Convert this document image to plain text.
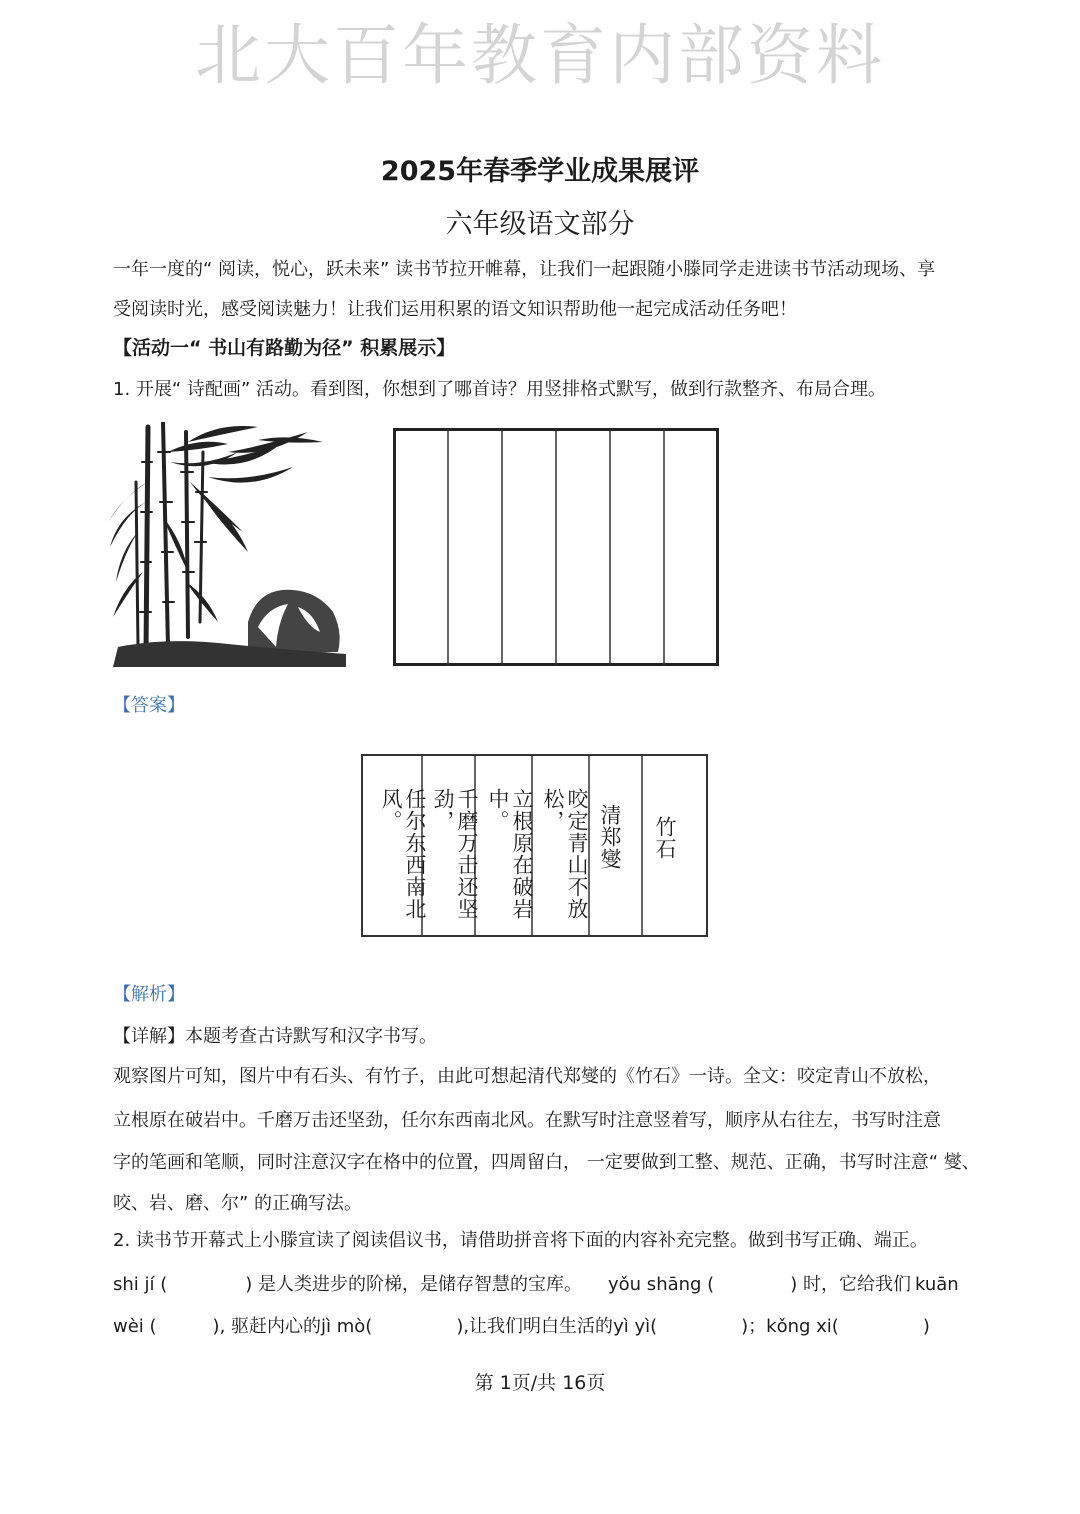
北大百年教育内部资料
2025年春季学业成果展评
六年级语文部分
一年一度的“ 阅读，悦心，跃未来” 读书节拉开帷幕，让我们一起跟随小滕同学走进读书节活动现场、享
受阅读时光，感受阅读魅力！让我们运用积累的语文知识帮助他一起完成活动任务吧！
【活动一“ 书山有路勤为径” 积累展示】
1. 开展“ 诗配画” 活动。看到图，你想到了哪首诗？用竖排格式默写，做到行款整齐、布局合理。
【答案】
竹石
清郑燮
咬定青山不放松，
立根原在破岩中。
千磨万击还坚劲，
任尔东西南北风。
【解析】
【详解】本题考查古诗默写和汉字书写。
观察图片可知，图片中有石头、有竹子，由此可想起清代郑燮的《竹石》一诗。全文：咬定青山不放松，
立根原在破岩中。千磨万击还坚劲，任尔东西南北风。在默写时注意竖着写，顺序从右往左，书写时注意
字的笔画和笔顺，同时注意汉字在格中的位置，四周留白， 一定要做到工整、规范、正确，书写时注意“ 燮、
咬、岩、磨、尔” 的正确写法。
2. 读书节开幕式上小滕宣读了阅读倡议书，请借助拼音将下面的内容补充完整。做到书写正确、端正。
shi jí (	) 是人类进步的阶梯，是储存智慧的宝库。 yǒu shāng (	) 时，它给我们 kuān
wèi (	), 驱赶内心的jì mò(	),让我们明白生活的yì yì(	)；kǒng xi(	)
第 1页/共 16页
